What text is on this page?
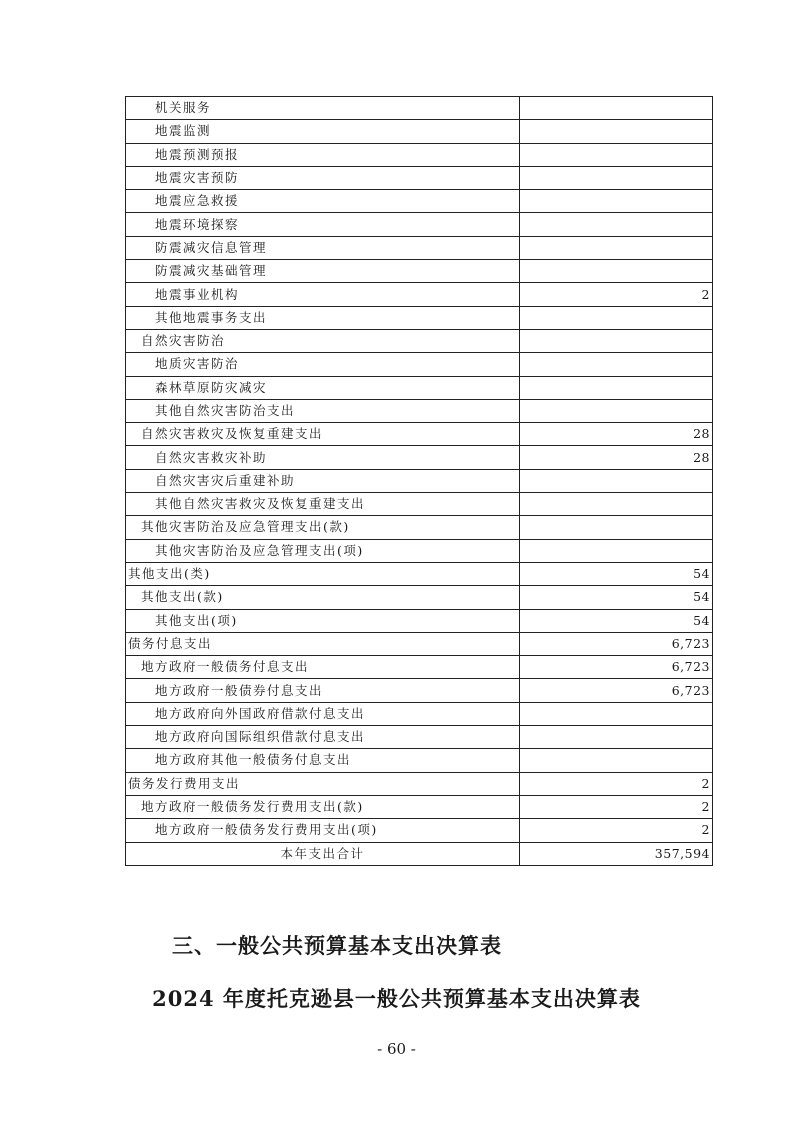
机关服务	
地震监测	
地震预测预报	
地震灾害预防	
地震应急救援	
地震环境探察	
防震减灾信息管理	
防震减灾基础管理	
地震事业机构	2
其他地震事务支出	
自然灾害防治	
地质灾害防治	
森林草原防灾减灾	
其他自然灾害防治支出	
自然灾害救灾及恢复重建支出	28
自然灾害救灾补助	28
自然灾害灾后重建补助	
其他自然灾害救灾及恢复重建支出	
其他灾害防治及应急管理支出(款)	
其他灾害防治及应急管理支出(项)	
其他支出(类)	54
其他支出(款)	54
其他支出(项)	54
债务付息支出	6,723
地方政府一般债务付息支出	6,723
地方政府一般债券付息支出	6,723
地方政府向外国政府借款付息支出	
地方政府向国际组织借款付息支出	
地方政府其他一般债务付息支出	
债务发行费用支出	2
地方政府一般债务发行费用支出(款)	2
地方政府一般债务发行费用支出(项)	2
本年支出合计	357,594
三、一般公共预算基本支出决算表
2024 年度托克逊县一般公共预算基本支出决算表
- 60 -
